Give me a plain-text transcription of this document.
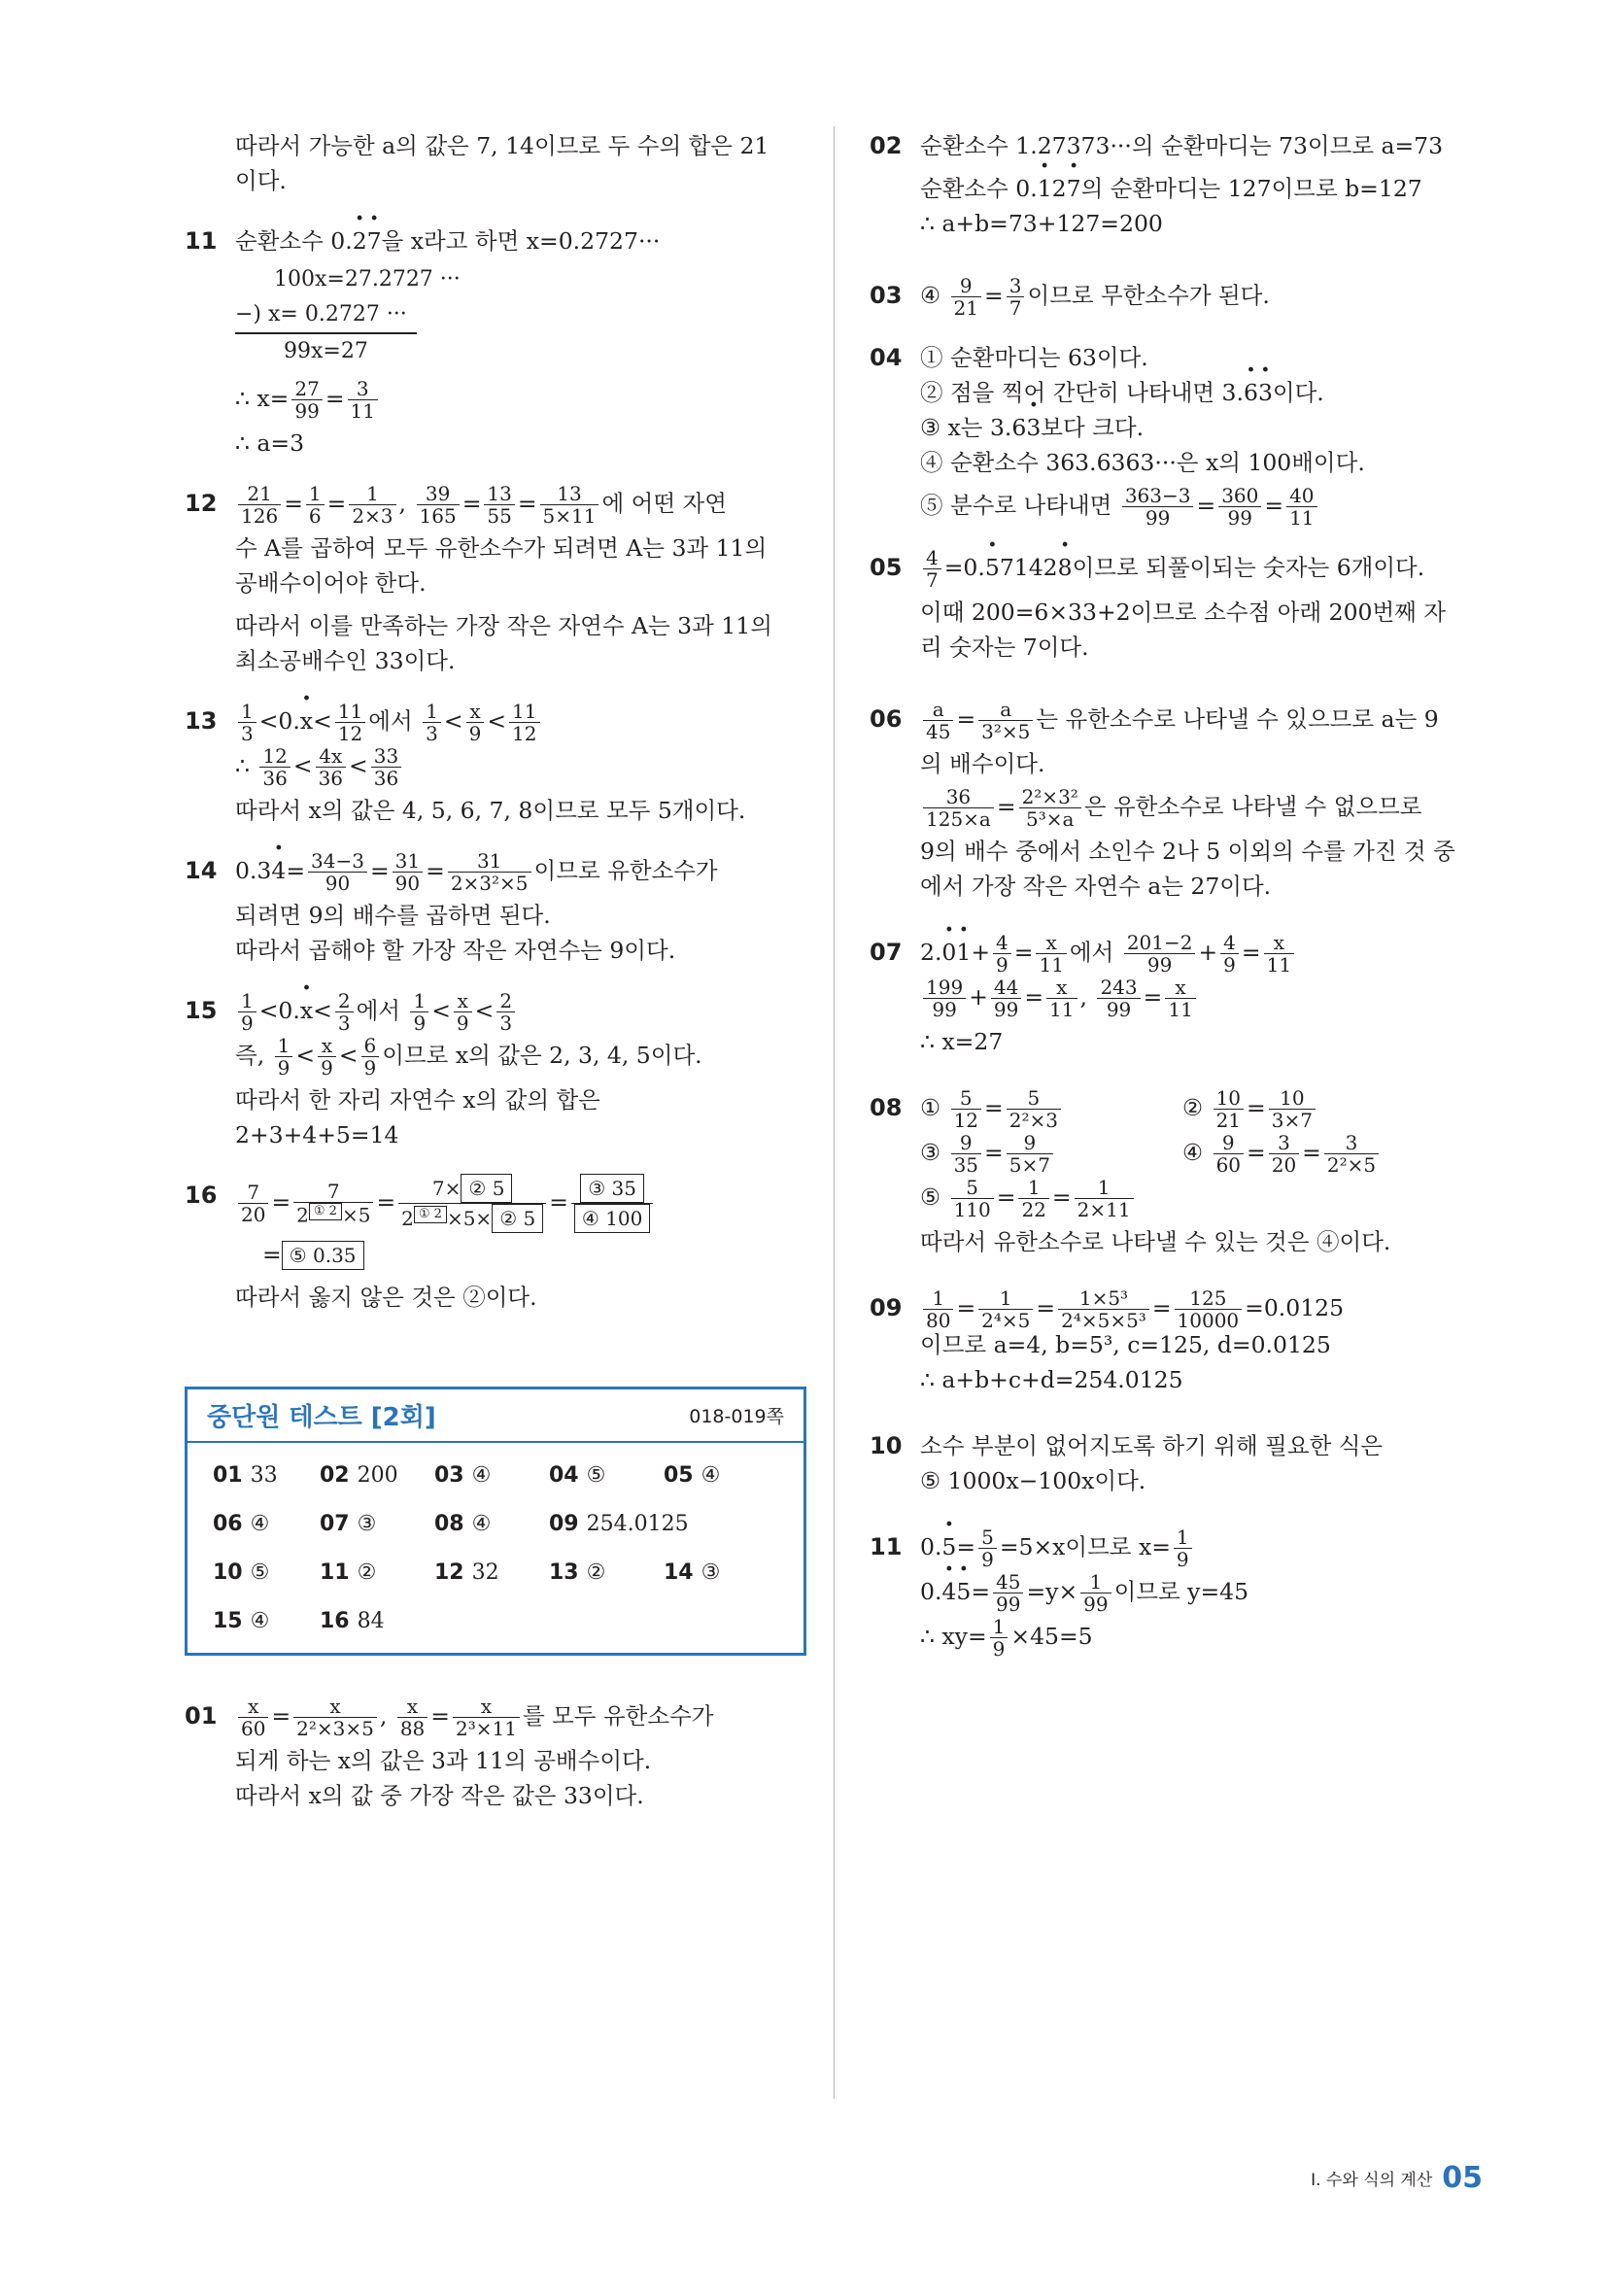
따라서 가능한 a의 값은 7, 14이므로 두 수의 합은 21
이다.
11 순환소수 0.2 ·7 ·을 x라고 하면 x=0.2727···
100x=27.2727 ···
−) x= 0.2727 ···
99x=27
∴ $x= \frac{27}{99} = \frac{3}{11}$
∴ a=3
$12 \frac{21}{126} = \frac{1}{6} = \frac{1}{2\times 3}$ , $\frac{39}{165} = \frac{13}{55} = \frac{13}{5\times 11}$ 에 어떤 자연
수 A를 곱하여 모두 유한소수가 되려면 A는 3과 11의
공배수이어야 한다.
따라서 이를 만족하는 가장 작은 자연수 A는 3과 11의
최소공배수인 33이다.
$13 \frac{1}{3} <0.x \cdot< \frac{11}{12}$ 에서 $\frac{1}{3} < \frac{x}{9} < \frac{11}{12}$
∴ $\frac{12}{36} < \frac{4x}{36} < \frac{33}{36}$
따라서 x의 값은 4, 5, 6, 7, 8이므로 모두 5개이다.
14 $0.34 \cdot= \frac{34-3}{90} = \frac{31}{90} = \frac{31}{\text{2×3²×5}}$ 이므로 유한소수가
되려면 9의 배수를 곱하면 된다.
따라서 곱해야 할 가장 작은 자연수는 9이다.
$15 \frac{1}{9} <0.x \cdot< \frac{2}{3}$ 에서 $\frac{1}{9} < \frac{x}{9} < \frac{2}{3}$
즉, $\frac{1}{9} < \frac{x}{9} < \frac{6}{9}$ 이므로 x의 값은 2, 3, 4, 5이다.
따라서 한 자리 자연수 x의 값의 합은
2+3+4+5=14
$16 \frac{7}{20} = \frac{7}{\text{2 ① 2 ×5}} = \frac{\text{7× ② 5}}{\text{2 ① 2 ×5× ② 5}} = \frac{\text{③ 35}}{\text{④ 100}}$
= ⑤ 0.35
따라서 옳지 않은 것은 ②이다.
중단원 테스트 [2회]	018-019쪽
01 33	02 200	03 ④	04 ⑤	05 ④
06 ④	07 ③	08 ④	09 254.0125
10 ⑤	11 ②	12 32	13 ②	14 ③
15 ④	16 84
$01 \frac{x}{60} = \frac{x}{\text{2²×3×5}}$ , $\frac{x}{88} = \frac{x}{\text{2³×11}}$ 를 모두 유한소수가
되게 하는 x의 값은 3과 11의 공배수이다.
따라서 x의 값 중 가장 작은 값은 33이다.
02 순환소수 1.27373···의 순환마디는 73이므로 a=73
순환소수 0.1 ·27 ·의 순환마디는 127이므로 b=127
∴ a+b=73+127=200
03 ④ $\frac{9}{21} = \frac{3}{7}$ 이므로 무한소수가 된다.
04 ① 순환마디는 63이다.
② 점을 찍어 간단히 나타내면 3.6 ·3 ·이다.
③ x는 3.63 ·보다 크다.
④ 순환소수 363.6363···은 x의 100배이다.
⑤ 분수로 나타내면 $\frac{363-3}{99} = \frac{360}{99} = \frac{40}{11}$
$05 \frac{4}{7} =0.5 \cdot 71428$ ·이므로 되풀이되는 숫자는 6개이다.
이때 200=6×33+2이므로 소수점 아래 200번째 자
리 숫자는 7이다.
$06 \frac{a}{45} = \frac{a}{\text{3²×5}}$ 는 유한소수로 나타낼 수 있으므로 a는 9
의 배수이다.
$\frac{36}{125\times a} = \frac{\text{2²×3²}}{\text{5³×a}}$ 은 유한소수로 나타낼 수 없으므로
9의 배수 중에서 소인수 2나 5 이외의 수를 가진 것 중
에서 가장 작은 자연수 a는 27이다.
07 $2.0 \cdot 1 \cdot+ \frac{4}{9} = \frac{x}{11}$ 에서 $\frac{201-2}{99} + \frac{4}{9} = \frac{x}{11}$
$\frac{199}{99} + \frac{44}{99} = \frac{x}{11}$ , $\frac{243}{99} = \frac{x}{11}$
∴ x=27
08 ① $\frac{5}{12} = \frac{5}{\text{2²×3}}$	② $\frac{10}{21} = \frac{10}{3\times 7}$
③ $\frac{9}{35} = \frac{9}{5\times 7}$	④ $\frac{9}{60} = \frac{3}{20} = \frac{3}{\text{2²×5}}$
⑤ $\frac{5}{110} = \frac{1}{22} = \frac{1}{2\times 11}$
따라서 유한소수로 나타낼 수 있는 것은 ④이다.
$09 \frac{1}{80} = \frac{1}{\text{2⁴×5}} = \frac{\text{1×5³}}{\text{2⁴×5×5³}} = \frac{125}{10000} =0.0125$
이므로 a=4, b=5³, c=125, d=0.0125
∴ a+b+c+d=254.0125
10 소수 부분이 없어지도록 하기 위해 필요한 식은
⑤ 1000x−100x이다.
11 $0.5 \cdot= \frac{5}{9} =5\times x$이므로 $x= \frac{1}{9}$
$0.4 \cdot 5 \cdot= \frac{45}{99} =y\times \frac{1}{99}$ 이므로 y=45
∴ $xy= \frac{1}{9} \times 45=5$
Ⅰ. 수와 식의 계산 05
